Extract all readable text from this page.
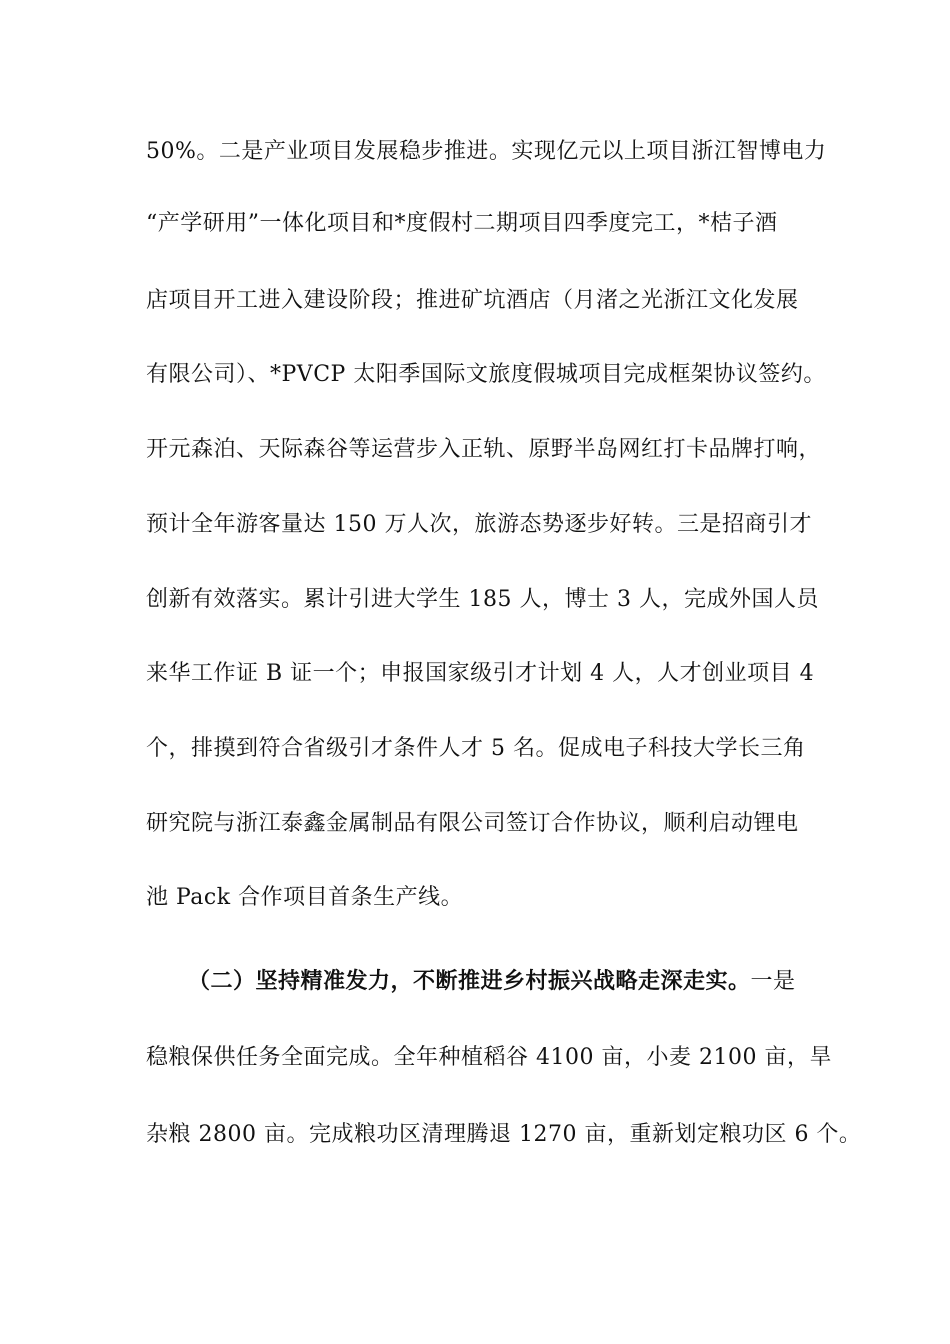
50%。二是产业项目发展稳步推进。实现亿元以上项目浙江智博电力
“产学研用”一体化项目和*度假村二期项目四季度完工，*桔子酒
店项目开工进入建设阶段；推进矿坑酒店（月渚之光浙江文化发展
有限公司）、*PVCP 太阳季国际文旅度假城项目完成框架协议签约。
开元森泊、天际森谷等运营步入正轨、原野半岛网红打卡品牌打响，
预计全年游客量达 150 万人次，旅游态势逐步好转。三是招商引才
创新有效落实。累计引进大学生 185 人，博士 3 人，完成外国人员
来华工作证 B 证一个；申报国家级引才计划 4 人，人才创业项目 4
个，排摸到符合省级引才条件人才 5 名。促成电子科技大学长三角
研究院与浙江泰鑫金属制品有限公司签订合作协议，顺利启动锂电
池 Pack 合作项目首条生产线。
（二）坚持精准发力，不断推进乡村振兴战略走深走实。一是
稳粮保供任务全面完成。全年种植稻谷 4100 亩，小麦 2100 亩，旱
杂粮 2800 亩。完成粮功区清理腾退 1270 亩，重新划定粮功区 6 个。
